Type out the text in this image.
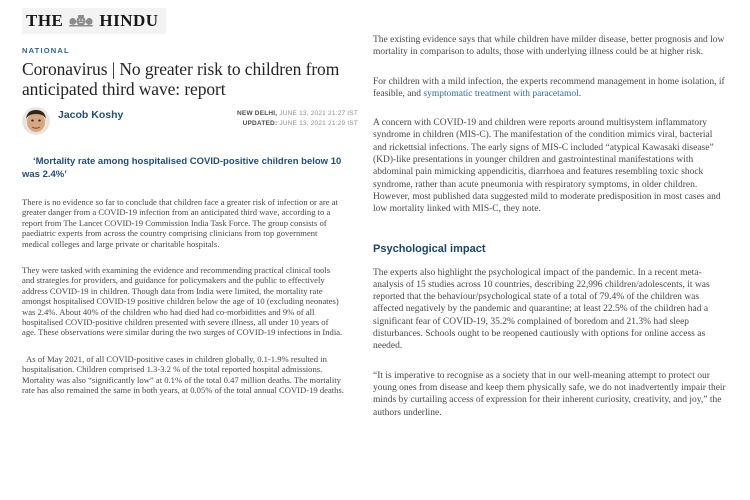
THE HINDU
NATIONAL
Coronavirus | No greater risk to children from anticipated third wave: report
Jacob Koshy	NEW DELHI, JUNE 13, 2021 21:27 IST
UPDATED: JUNE 13, 2021 21:29 IST

‘Mortality rate among hospitalised COVID-positive children below 10 was 2.4%’

There is no evidence so far to conclude that children face a greater risk of infection or are at greater danger from a COVID-19 infection from an anticipated third wave, according to a report from The Lancet COVID-19 Commission India Task Force. The group consists of paediatric experts from across the country comprising clinicians from top government medical colleges and large private or charitable hospitals.

They were tasked with examining the evidence and recommending practical clinical tools and strategies for providers, and guidance for policymakers and the public to effectively address COVID-19 in children. Though data from India were limited, the mortality rate amongst hospitalised COVID-19 positive children below the age of 10 (excluding neonates) was 2.4%. About 40% of the children who had died had co-morbidities and 9% of all hospitalised COVID-positive children presented with severe illness, all under 10 years of age. These observations were similar during the two surges of COVID-19 infections in India.

As of May 2021, of all COVID-positive cases in children globally, 0.1-1.9% resulted in hospitalisation. Children comprised 1.3-3.2 % of the total reported hospital admissions. Mortality was also “significantly low” at 0.1% of the total 0.47 million deaths. The mortality rate has also remained the same in both years, at 0.05% of the total annual COVID-19 deaths.

The existing evidence says that while children have milder disease, better prognosis and low mortality in comparison to adults, those with underlying illness could be at higher risk.

For children with a mild infection, the experts recommend management in home isolation, if feasible, and symptomatic treatment with paracetamol.

A concern with COVID-19 and children were reports around multisystem inflammatory syndrome in children (MIS-C). The manifestation of the condition mimics viral, bacterial and rickettsial infections. The early signs of MIS-C included “atypical Kawasaki disease” (KD)-like presentations in younger children and gastrointestinal manifestations with abdominal pain mimicking appendicitis, diarrhoea and features resembling toxic shock syndrome, rather than acute pneumonia with respiratory symptoms, in older children. However, most published data suggested mild to moderate predisposition in most cases and low mortality linked with MIS-C, they note.

Psychological impact

The experts also highlight the psychological impact of the pandemic. In a recent meta-analysis of 15 studies across 10 countries, describing 22,996 children/adolescents, it was reported that the behaviour/psychological state of a total of 79.4% of the children was affected negatively by the pandemic and quarantine; at least 22.5% of the children had a significant fear of COVID-19, 35.2% complained of boredom and 21.3% had sleep disturbances. Schools ought to be reopened cautiously with options for online access as needed.

“It is imperative to recognise as a society that in our well-meaning attempt to protect our young ones from disease and keep them physically safe, we do not inadvertently impair their minds by curtailing access of expression for their inherent curiosity, creativity, and joy,” the authors underline.
